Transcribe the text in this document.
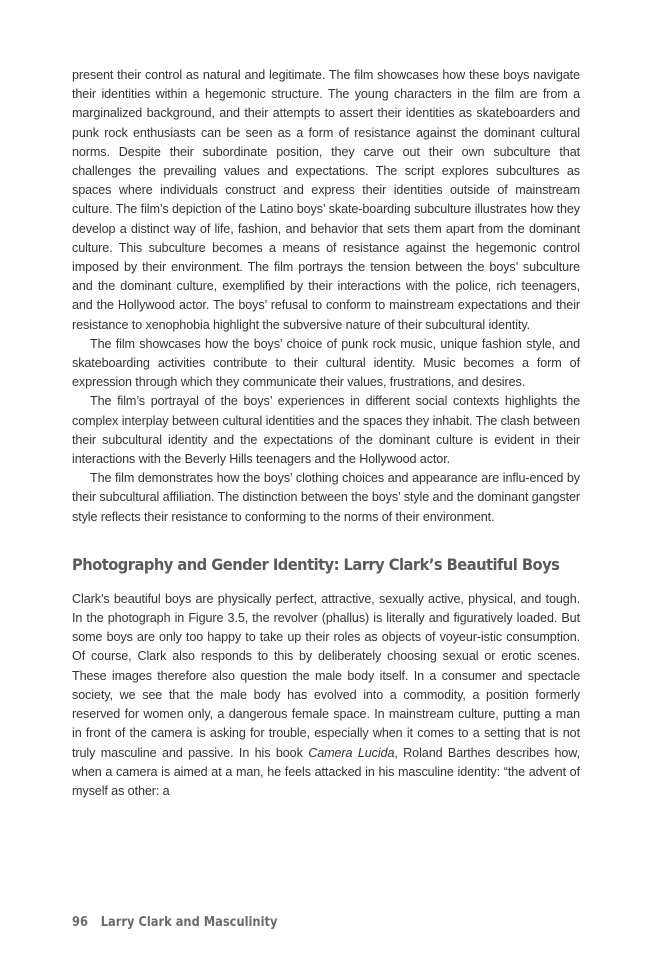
present their control as natural and legitimate. The film showcases how these boys navigate their identities within a hegemonic structure. The young characters in the film are from a marginalized background, and their attempts to assert their identities as skateboarders and punk rock enthusiasts can be seen as a form of resistance against the dominant cultural norms. Despite their subordinate position, they carve out their own subculture that challenges the prevailing values and expectations. The script explores subcultures as spaces where individuals construct and express their identities outside of mainstream culture. The film’s depiction of the Latino boys’ skate-boarding subculture illustrates how they develop a distinct way of life, fashion, and behavior that sets them apart from the dominant culture. This subculture becomes a means of resistance against the hegemonic control imposed by their environment. The film portrays the tension between the boys’ subculture and the dominant culture, exemplified by their interactions with the police, rich teenagers, and the Hollywood actor. The boys’ refusal to conform to mainstream expectations and their resistance to xenophobia highlight the subversive nature of their subcultural identity.

The film showcases how the boys’ choice of punk rock music, unique fashion style, and skateboarding activities contribute to their cultural identity. Music becomes a form of expression through which they communicate their values, frustrations, and desires.

The film’s portrayal of the boys’ experiences in different social contexts highlights the complex interplay between cultural identities and the spaces they inhabit. The clash between their subcultural identity and the expectations of the dominant culture is evident in their interactions with the Beverly Hills teenagers and the Hollywood actor.

The film demonstrates how the boys’ clothing choices and appearance are influ-enced by their subcultural affiliation. The distinction between the boys’ style and the dominant gangster style reflects their resistance to conforming to the norms of their environment.

Photography and Gender Identity: Larry Clark’s Beautiful Boys

Clark’s beautiful boys are physically perfect, attractive, sexually active, physical, and tough. In the photograph in Figure 3.5, the revolver (phallus) is literally and figuratively loaded. But some boys are only too happy to take up their roles as objects of voyeur-istic consumption. Of course, Clark also responds to this by deliberately choosing sexual or erotic scenes. These images therefore also question the male body itself. In a consumer and spectacle society, we see that the male body has evolved into a commodity, a position formerly reserved for women only, a dangerous female space. In mainstream culture, putting a man in front of the camera is asking for trouble, especially when it comes to a setting that is not truly masculine and passive. In his book Camera Lucida, Roland Barthes describes how, when a camera is aimed at a man, he feels attacked in his masculine identity: “the advent of myself as other: a

96 Larry Clark and Masculinity
